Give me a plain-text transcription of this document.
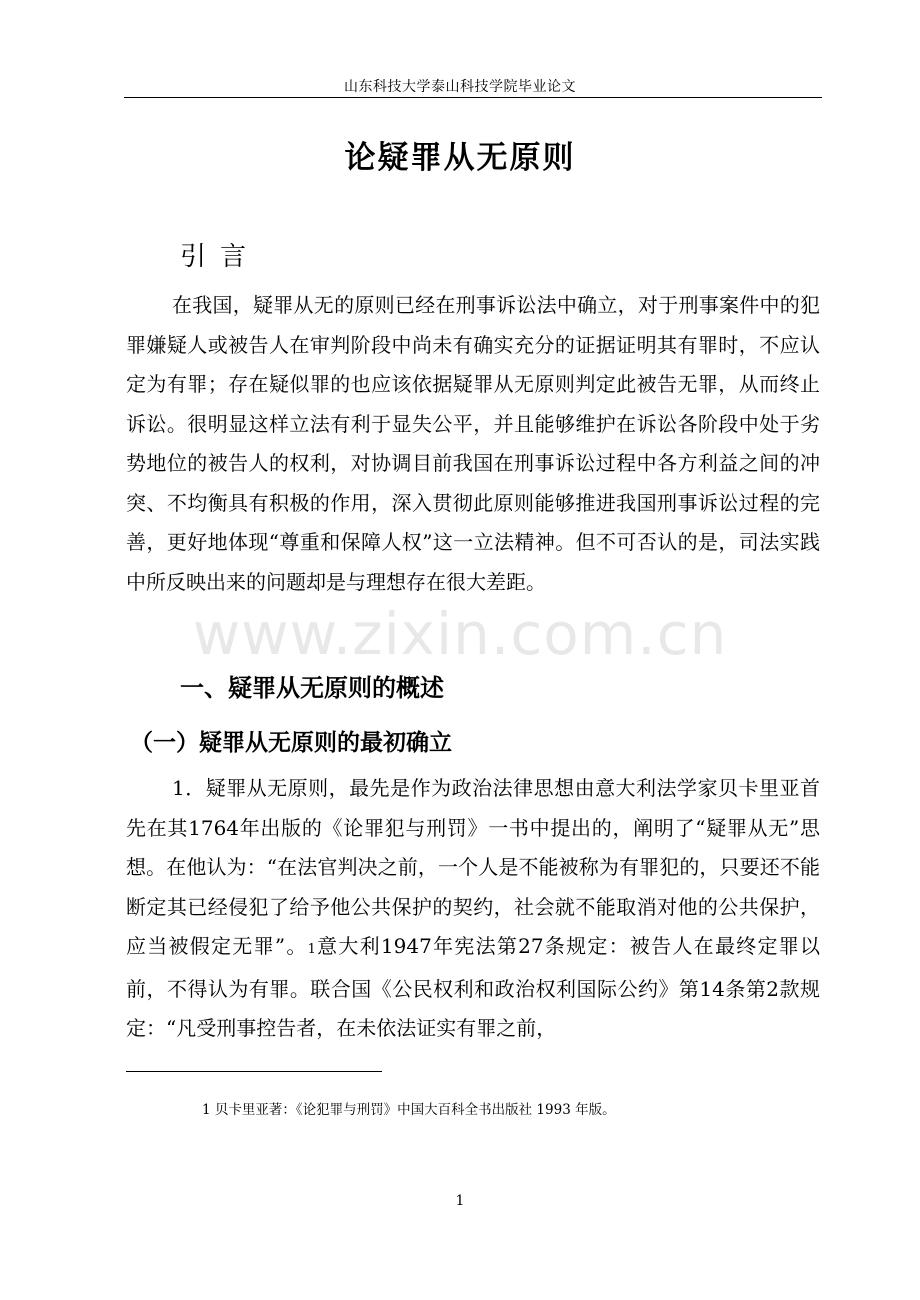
山东科技大学泰山科技学院毕业论文
论疑罪从无原则
引言

在我国，疑罪从无的原则已经在刑事诉讼法中确立，对于刑事案件中的犯罪嫌疑人或被告人在审判阶段中尚未有确实充分的证据证明其有罪时，不应认定为有罪；存在疑似罪的也应该依据疑罪从无原则判定此被告无罪，从而终止诉讼。很明显这样立法有利于显失公平，并且能够维护在诉讼各阶段中处于劣势地位的被告人的权利，对协调目前我国在刑事诉讼过程中各方利益之间的冲突、不均衡具有积极的作用，深入贯彻此原则能够推进我国刑事诉讼过程的完善，更好地体现“尊重和保障人权”这一立法精神。但不可否认的是，司法实践中所反映出来的问题却是与理想存在很大差距。

www.zixin.com.cn
一、疑罪从无原则的概述
（一）疑罪从无原则的最初确立

1．疑罪从无原则，最先是作为政治法律思想由意大利法学家贝卡里亚首先在其1764年出版的《论罪犯与刑罚》一书中提出的，阐明了“疑罪从无”思想。在他认为：“在法官判决之前，一个人是不能被称为有罪犯的，只要还不能断定其已经侵犯了给予他公共保护的契约，社会就不能取消对他的公共保护，应当被假定无罪”。1意大利1947年宪法第27条规定：被告人在最终定罪以前，不得认为有罪。联合国《公民权利和政治权利国际公约》第14条第2款规定：“凡受刑事控告者，在未依法证实有罪之前，

1 贝卡里亚著：《论犯罪与刑罚》中国大百科全书出版社 1993 年版。
1
